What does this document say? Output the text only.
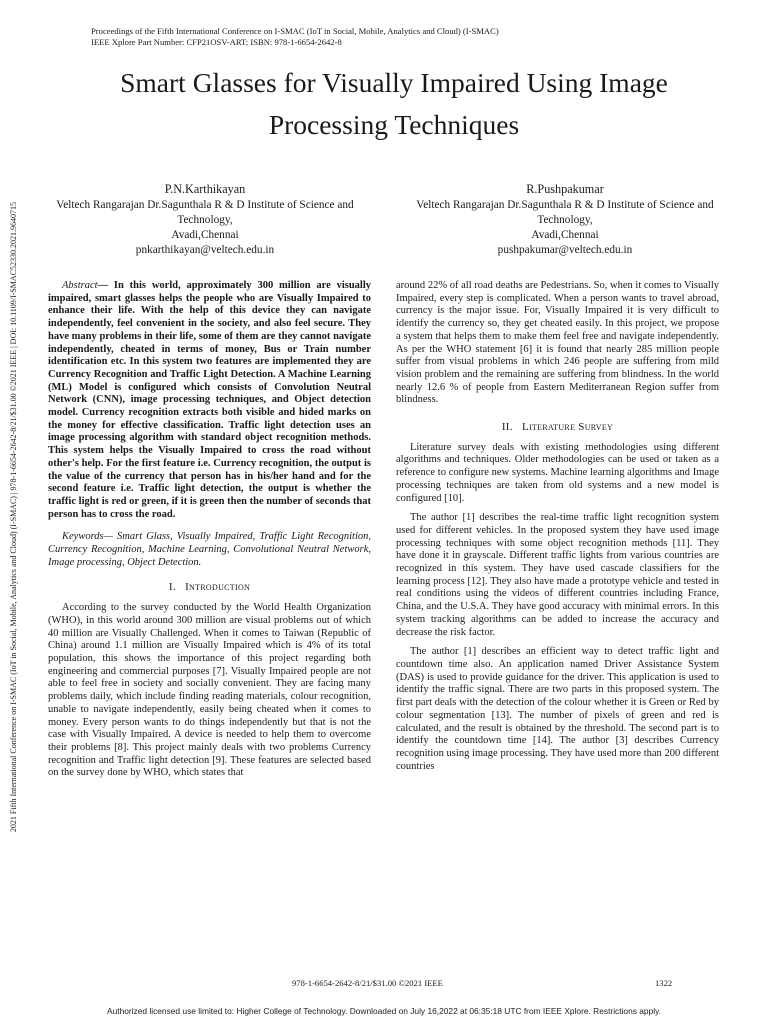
Proceedings of the Fifth International Conference on I-SMAC (IoT in Social, Mobile, Analytics and Cloud) (I-SMAC)
IEEE Xplore Part Number: CFP21OSV-ART; ISBN: 978-1-6654-2642-8
2021 Fifth International Conference on I-SMAC (IoT in Social, Mobile, Analytics and Cloud) (I-SMAC) | 978-1-6654-2642-8/21/$31.00 ©2021 IEEE | DOI: 10.1109/I-SMAC52330.2021.9640715
Smart Glasses for Visually Impaired Using Image Processing Techniques
P.N.Karthikayan
Veltech Rangarajan Dr.Sagunthala R & D Institute of Science and Technology,
Avadi,Chennai
pnkarthikayan@veltech.edu.in
R.Pushpakumar
Veltech Rangarajan Dr.Sagunthala R & D Institute of Science and Technology,
Avadi,Chennai
pushpakumar@veltech.edu.in

Abstract— In this world, approximately 300 million are visually impaired, smart glasses helps the people who are Visually Impaired to enhance their life. With the help of this device they can navigate independently, feel convenient in the society, and also feel secure. They have many problems in their life, some of them are they cannot navigate independently, cheated in terms of money, Bus or Train number identification etc. In this system two features are implemented they are Currency Recognition and Traffic Light Detection. A Machine Learning (ML) Model is configured which consists of Convolution Neutral Network (CNN), image processing techniques, and Object detection model. Currency recognition extracts both visible and hided marks on the money for effective classification. Traffic light detection uses an image processing algorithm with standard object recognition methods. This system helps the Visually Impaired to cross the road without other's help. For the first feature i.e. Currency recognition, the output is the value of the currency that person has in his/her hand and for the second feature i.e. Traffic light detection, the output is whether the traffic light is red or green, if it is green then the number of seconds that person has to cross the road.

Keywords— Smart Glass, Visually Impaired, Traffic Light Recognition, Currency Recognition, Machine Learning, Convolutional Neutral Network, Image processing, Object Detection.

I. Introduction

According to the survey conducted by the World Health Organization (WHO), in this world around 300 million are visual problems out of which 40 million are Visually Challenged. When it comes to Taiwan (Republic of China) around 1.1 million are Visually Impaired which is 4% of its total population, this shows the importance of this project regarding both engineering and commercial purposes [7]. Visually Impaired people are not able to feel free in society and socially convenient. They are facing many problems daily, which include finding reading materials, colour recognition, unable to navigate independently, easily being cheated when it comes to money. Every person wants to do things independently but that is not the case with Visually Impaired. A device is needed to help them to overcome their problems [8]. This project mainly deals with two problems Currency recognition and Traffic light detection [9]. These features are selected based on the survey done by WHO, which states that

around 22% of all road deaths are Pedestrians. So, when it comes to Visually Impaired, every step is complicated. When a person wants to travel abroad, currency is the major issue. For, Visually Impaired it is very difficult to identify the currency so, they get cheated easily. In this project, we propose a system that helps them to make them feel free and navigate independently. As per the WHO statement [6] it is found that nearly 285 million people suffer from visual problems in which 246 people are suffering from mild vision problem and the remaining are suffering from blindness. In the world nearly 12.6 % of people from Eastern Mediterranean Region suffer from blindness.

II. Literature Survey

Literature survey deals with existing methodologies using different algorithms and techniques. Older methodologies can be used or taken as a reference to configure new systems. Machine learning algorithms and Image processing techniques are taken from old systems and a new model is configured [10].

The author [1] describes the real-time traffic light recognition system used for different vehicles. In the proposed system they have used image processing techniques with some object recognition methods [11]. They have done it in grayscale. Different traffic lights from various countries are recognized in this system. They have used cascade classifiers for the learning process [12]. They also have made a prototype vehicle and tested in real conditions using the videos of different countries including France, China, and the U.S.A. They have good accuracy with minimal errors. In this system tracking algorithms can be added to increase the accuracy and decrease the risk factor.

The author [1] describes an efficient way to detect traffic light and countdown time also. An application named Driver Assistance System (DAS) is used to provide guidance for the driver. This application is used to identify the traffic signal. There are two parts in this proposed system. The first part deals with the detection of the colour whether it is Green or Red by colour segmentation [13]. The number of pixels of green and red is calculated, and the result is obtained by the threshold. The second part is to identify the countdown time [14]. The author [3] describes Currency recognition using image processing. They have used more than 200 different countries

978-1-6654-2642-8/21/$31.00 ©2021 IEEE	1322
Authorized licensed use limited to: Higher College of Technology. Downloaded on July 16,2022 at 06:35:18 UTC from IEEE Xplore. Restrictions apply.
